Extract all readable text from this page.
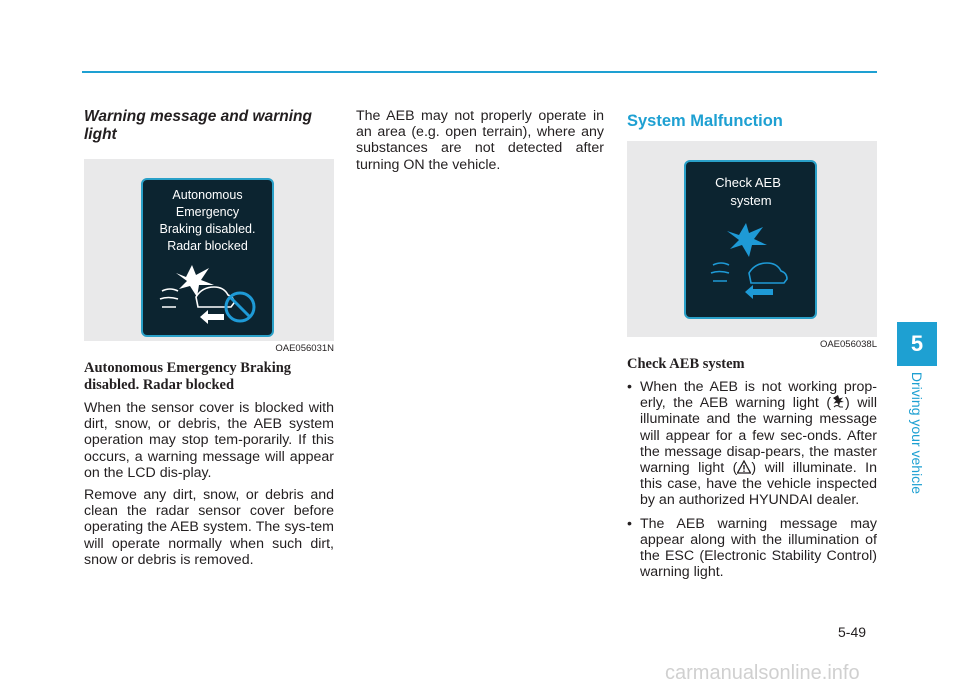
Warning message and warning light
Autonomous
Emergency
Braking disabled.
Radar blocked
OAE056031N
Autonomous Emergency Braking disabled. Radar blocked

When the sensor cover is blocked with dirt, snow, or debris, the AEB system operation may stop tem-porarily. If this occurs, a warning message will appear on the LCD dis-play.

Remove any dirt, snow, or debris and clean the radar sensor cover before operating the AEB system. The sys-tem will operate normally when such dirt, snow or debris is removed.

The AEB may not properly operate in an area (e.g. open terrain), where any substances are not detected after turning ON the vehicle.

System Malfunction
Check AEB
system
OAE056038L
Check AEB system
• When the AEB is not working prop-erly, the AEB warning light ( ) will illuminate and the warning message will appear for a few sec-onds. After the message disap-pears, the master warning light ( ) will illuminate. In this case, have the vehicle inspected by an authorized HYUNDAI dealer.
• The AEB warning message may appear along with the illumination of the ESC (Electronic Stability Control) warning light.
5
Driving your vehicle
5-49
carmanualsonline.info
